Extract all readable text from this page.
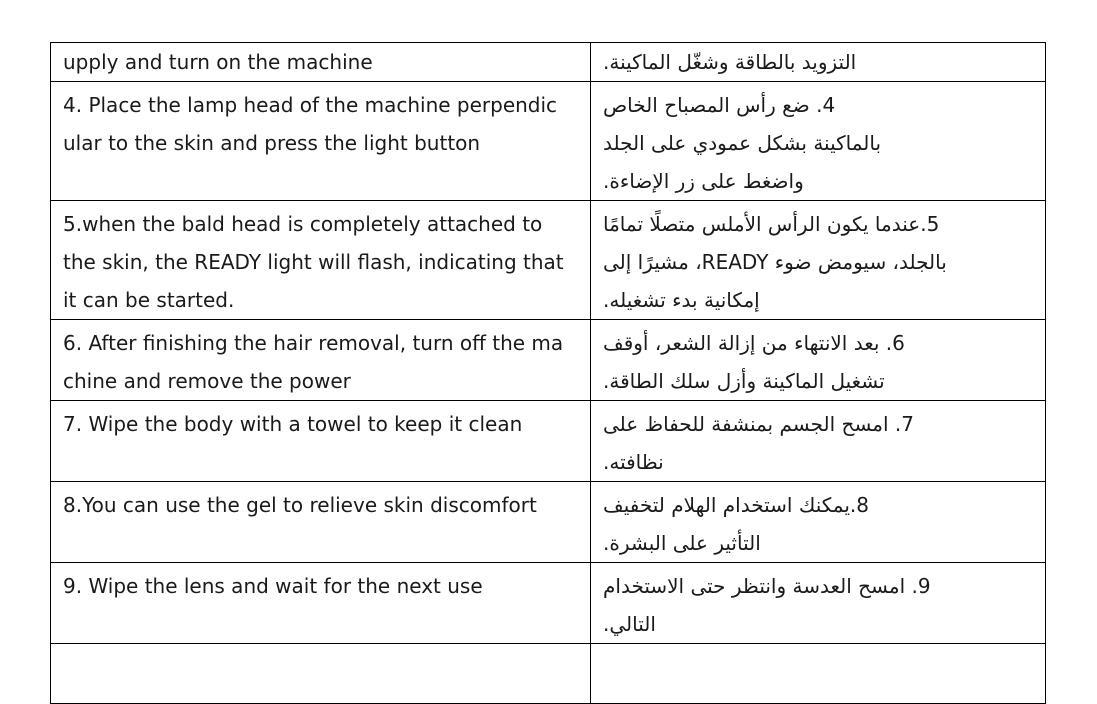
upply and turn on the machine	التزويد بالطاقة وشغّل الماكينة.

4. Place the lamp head of the machine perpendic
ular to the skin and press the light button	4. ضع رأس المصباح الخاص
بالماكينة بشكل عمودي على الجلد
واضغط على زر الإضاءة.

5.when the bald head is completely attached to
the skin, the READY light will flash, indicating that
it can be started.	5.عندما يكون الرأس الأملس متصلًا تمامًا
بالجلد، سيومض ضوء READY، مشيرًا إلى
إمكانية بدء تشغيله.

6. After finishing the hair removal, turn off the ma
chine and remove the power	6. بعد الانتهاء من إزالة الشعر، أوقف
تشغيل الماكينة وأزل سلك الطاقة.

7. Wipe the body with a towel to keep it clean	7. امسح الجسم بمنشفة للحفاظ على
نظافته.

8.You can use the gel to relieve skin discomfort	8.يمكنك استخدام الهلام لتخفيف
التأثير على البشرة.

9. Wipe the lens and wait for the next use	9. امسح العدسة وانتظر حتى الاستخدام
التالي.
